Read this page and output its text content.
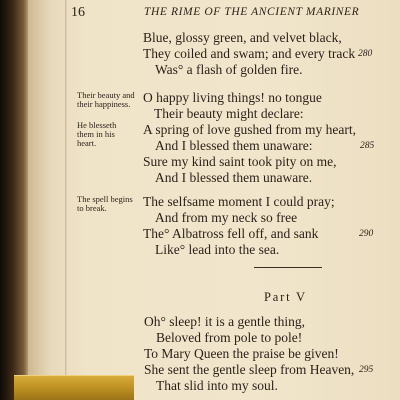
16	THE RIME OF THE ANCIENT MARINER
Blue, glossy green, and velvet black,
They coiled and swam; and every track 280
Was° a flash of golden fire.
Their beauty and their happiness. O happy living things! no tongue
Their beauty might declare:
He blesseth them in his heart.
A spring of love gushed from my heart,
And I blessed them unaware:	285
Sure my kind saint took pity on me,
And I blessed them unaware.
The spell begins to break.	The selfsame moment I could pray;
And from my neck so free
The° Albatross fell off, and sank	290
Like° lead into the sea.
Part V
Oh° sleep! it is a gentle thing,
Beloved from pole to pole!
To Mary Queen the praise be given!
She sent the gentle sleep from Heaven, 295
That slid into my soul.
